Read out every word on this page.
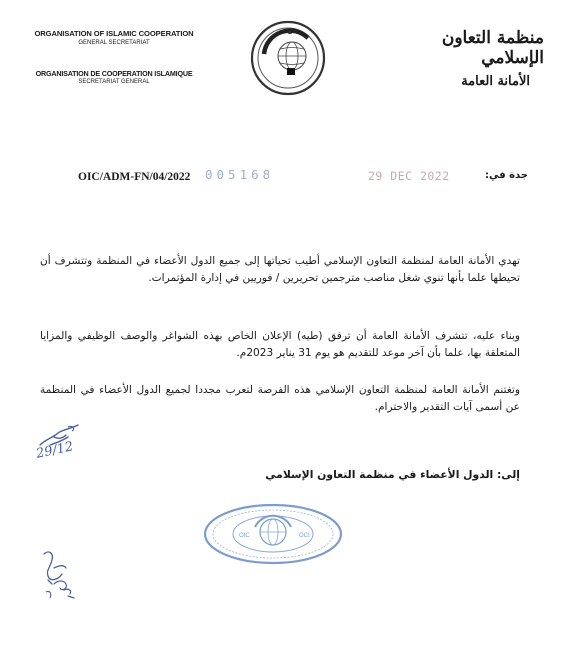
ORGANISATION OF ISLAMIC COOPERATION
GENERAL SECRETARIAT
ORGANISATION DE COOPERATION ISLAMIQUE
SECRETARIAT GENERAL
منظمة التعاون الإسلامي
الأمانة العامة
OIC/ADM-FN/04/2022 005168	29 DEC 2022	جدة في:
تهدي الأمانة العامة لمنظمة التعاون الإسلامي أطيب تحياتها إلى جميع الدول الأعضاء في المنظمة وتتشرف أن تحيطها علما بأنها تنوي شغل مناصب مترجمين تحريرين / فوريين في إدارة المؤتمرات.
وبناء عليه، تتشرف الأمانة العامة أن ترفق (طيه) الإعلان الخاص بهذه الشواغر والوصف الوظيفي والمزايا المتعلقة بها، علما بأن آخر موعد للتقديم هو يوم 31 يناير 2023م.
وتغتنم الأمانة العامة لمنظمة التعاون الإسلامي هذه الفرصة لتعرب مجددا لجميع الدول الأعضاء في المنظمة عن أسمى آيات التقدير والاحترام.
إلى: الدول الأعضاء في منظمة التعاون الإسلامي
29/12
OIC	OCI
